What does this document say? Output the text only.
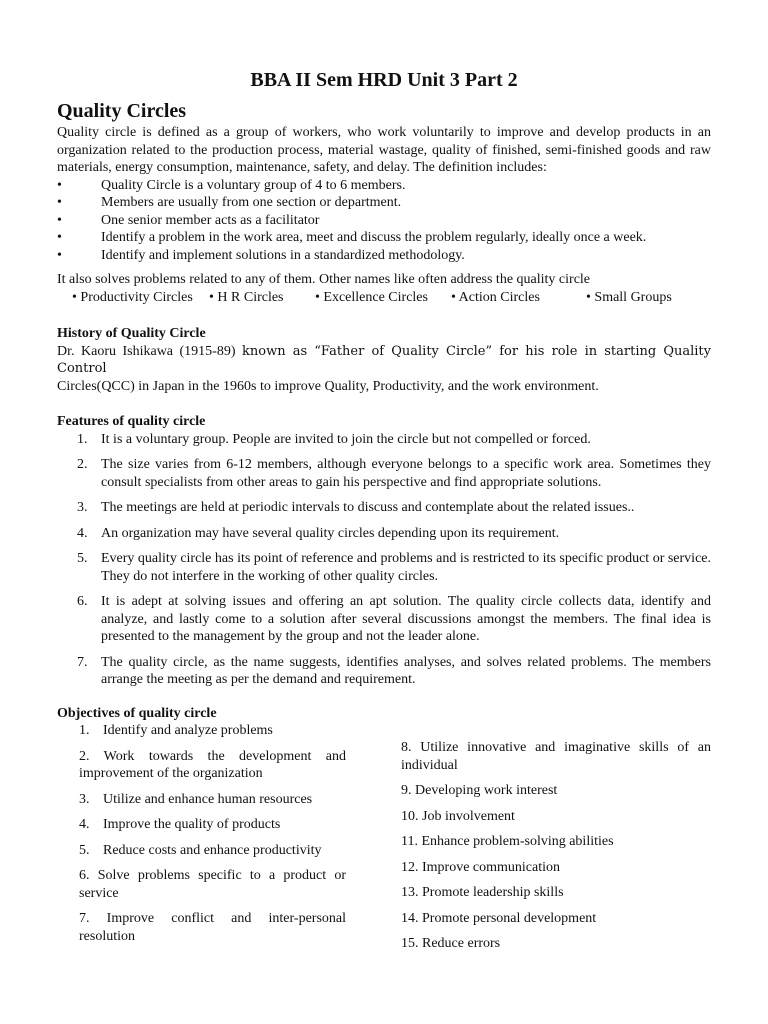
BBA II Sem HRD Unit 3 Part 2
Quality Circles

Quality circle is defined as a group of workers, who work voluntarily to improve and develop products in an organization related to the production process, material wastage, quality of finished, semi-finished goods and raw materials, energy consumption, maintenance, safety, and delay. The definition includes:

•	Quality Circle is a voluntary group of 4 to 6 members.
•	Members are usually from one section or department.
•	One senior member acts as a facilitator
•	Identify a problem in the work area, meet and discuss the problem regularly, ideally once a week.
•	Identify and implement solutions in a standardized methodology.

It also solves problems related to any of them. Other names like often address the quality circle

• Productivity Circles	• H R Circles	• Excellence Circles	• Action Circles	• Small Groups
History of Quality Circle

Dr. Kaoru Ishikawa (1915-89) known as “Father of Quality Circle” for his role in starting Quality Control
Circles(QCC) in Japan in the 1960s to improve Quality, Productivity, and the work environment.

Features of quality circle
1. It is a voluntary group. People are invited to join the circle but not compelled or forced.
2. The size varies from 6-12 members, although everyone belongs to a specific work area. Sometimes they consult specialists from other areas to gain his perspective and find appropriate solutions.
3. The meetings are held at periodic intervals to discuss and contemplate about the related issues..
4. An organization may have several quality circles depending upon its requirement.
5. Every quality circle has its point of reference and problems and is restricted to its specific product or service. They do not interfere in the working of other quality circles.
6. It is adept at solving issues and offering an apt solution. The quality circle collects data, identify and analyze, and lastly come to a solution after several discussions amongst the members. The final idea is presented to the management by the group and not the leader alone.
7. The quality circle, as the name suggests, identifies analyses, and solves related problems. The members arrange the meeting as per the demand and requirement.
Objectives of quality circle
1. Identify and analyze problems
2. Work towards the development and improvement of the organization
3. Utilize and enhance human resources
4. Improve the quality of products
5. Reduce costs and enhance productivity
6. Solve problems specific to a product or service
7. Improve conflict and inter-personal resolution
8. Utilize innovative and imaginative skills of an individual
9. Developing work interest
10. Job involvement
11. Enhance problem-solving abilities
12. Improve communication
13. Promote leadership skills
14. Promote personal development
15. Reduce errors
